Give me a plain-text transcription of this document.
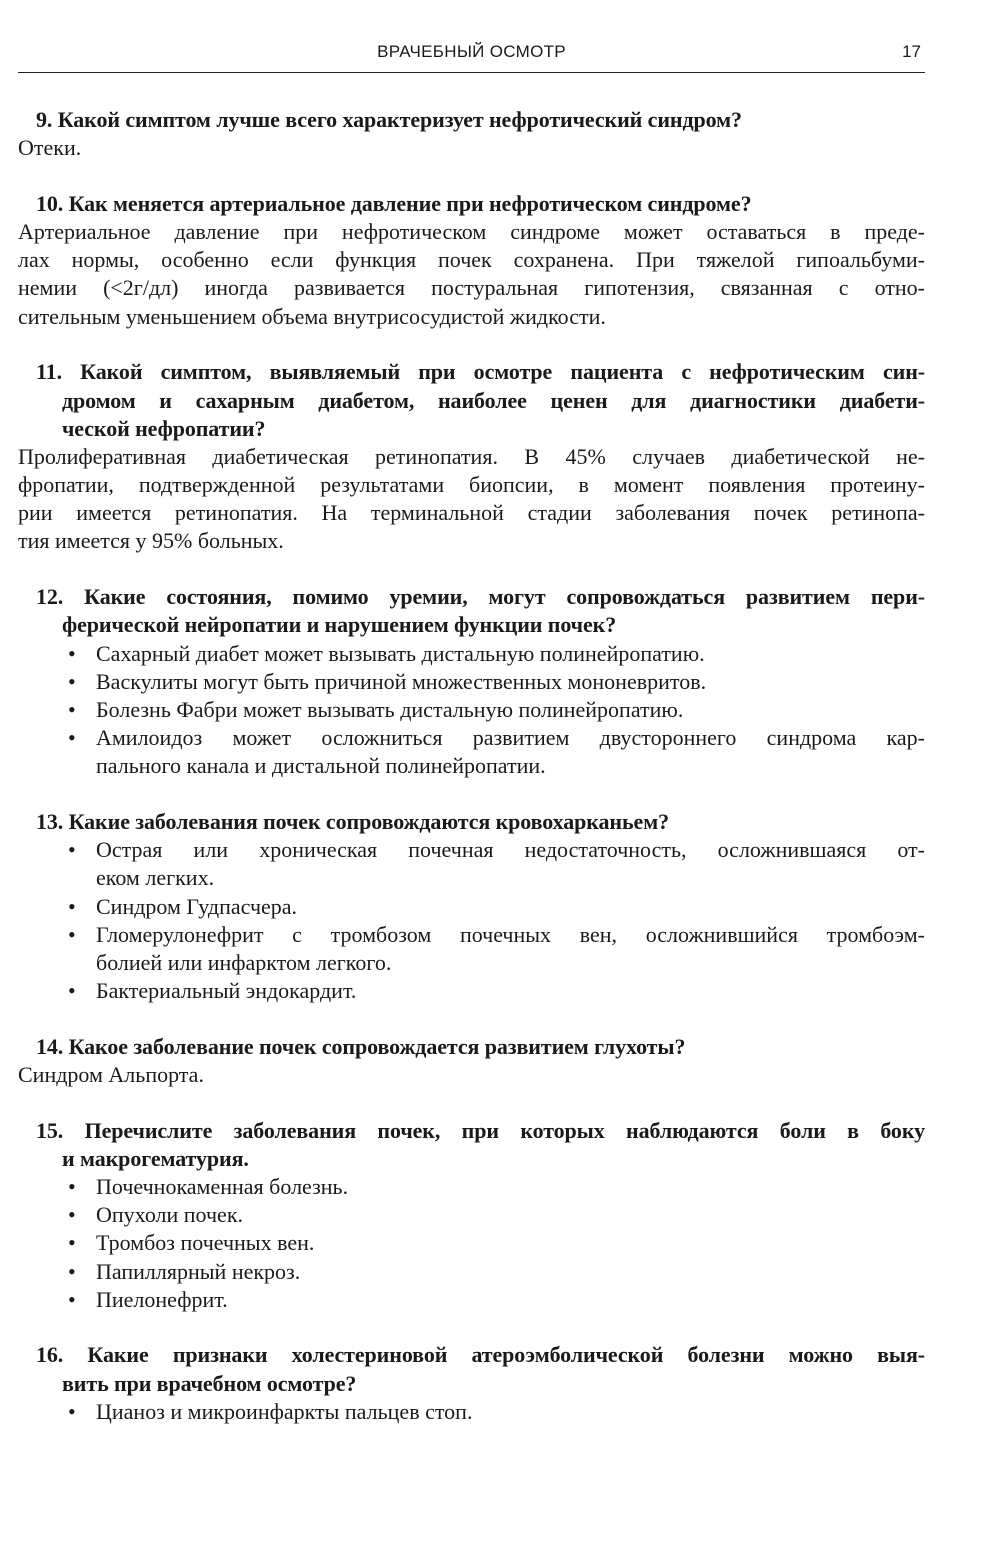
ВРАЧЕБНЫЙ ОСМОТР	17
9. Какой симптом лучше всего характеризует нефротический синдром?
Отеки.
10. Как меняется артериальное давление при нефротическом синдроме?
Артериальное давление при нефротическом синдроме может оставаться в преде-
лах нормы, особенно если функция почек сохранена. При тяжелой гипоальбуми-
немии (<2г/дл) иногда развивается постуральная гипотензия, связанная с отно-
сительным уменьшением объема внутрисосудистой жидкости.
11. Какой симптом, выявляемый при осмотре пациента с нефротическим син-
дромом и сахарным диабетом, наиболее ценен для диагностики диабети-
ческой нефропатии?
Пролиферативная диабетическая ретинопатия. В 45% случаев диабетической не-
фропатии, подтвержденной результатами биопсии, в момент появления протеину-
рии имеется ретинопатия. На терминальной стадии заболевания почек ретинопа-
тия имеется у 95% больных.
12. Какие состояния, помимо уремии, могут сопровождаться развитием пери-
ферической нейропатии и нарушением функции почек?
• Сахарный диабет может вызывать дистальную полинейропатию.
• Васкулиты могут быть причиной множественных мононевритов.
• Болезнь Фабри может вызывать дистальную полинейропатию.
• Амилоидоз может осложниться развитием двустороннего синдрома кар-
пального канала и дистальной полинейропатии.
13. Какие заболевания почек сопровождаются кровохарканьем?
• Острая или хроническая почечная недостаточность, осложнившаяся от-
еком легких.
• Синдром Гудпасчера.
• Гломерулонефрит с тромбозом почечных вен, осложнившийся тромбоэм-
болией или инфарктом легкого.
• Бактериальный эндокардит.
14. Какое заболевание почек сопровождается развитием глухоты?
Синдром Альпорта.
15. Перечислите заболевания почек, при которых наблюдаются боли в боку
и макрогематурия.
• Почечнокаменная болезнь.
• Опухоли почек.
• Тромбоз почечных вен.
• Папиллярный некроз.
• Пиелонефрит.
16. Какие признаки холестериновой атероэмболической болезни можно выя-
вить при врачебном осмотре?
• Цианоз и микроинфаркты пальцев стоп.
